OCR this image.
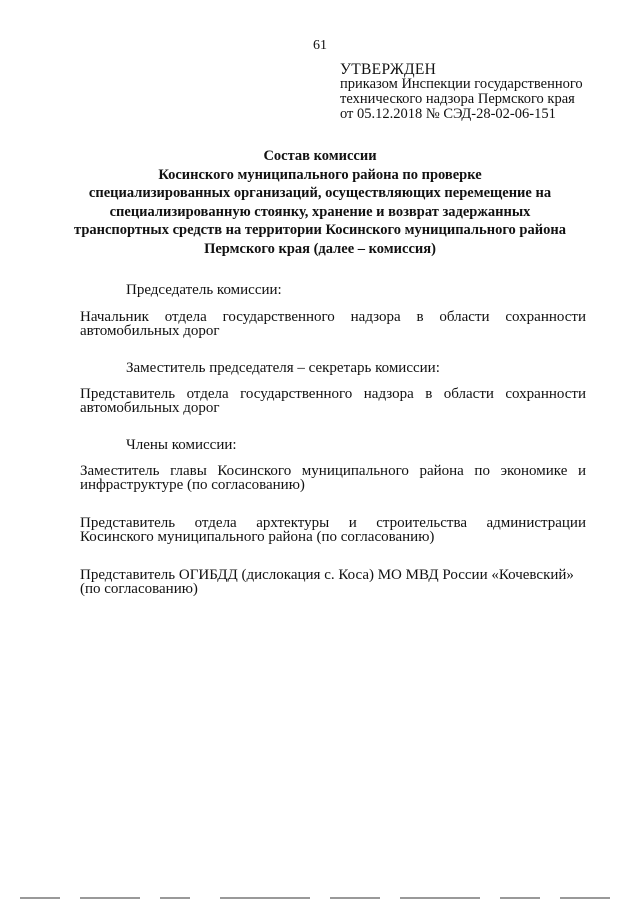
61
УТВЕРЖДЕН
приказом Инспекции государственного
технического надзора Пермского края
от 05.12.2018 № СЭД-28-02-06-151
Состав комиссии
Косинского муниципального района по проверке
специализированных организаций, осуществляющих перемещение на
специализированную стоянку, хранение и возврат задержанных
транспортных средств на территории Косинского муниципального района
Пермского края (далее – комиссия)
Председатель комиссии:
Начальник отдела государственного надзора в области сохранности
автомобильных дорог
Заместитель председателя – секретарь комиссии:
Представитель отдела государственного надзора в области сохранности
автомобильных дорог
Члены комиссии:
Заместитель главы Косинского муниципального района по экономике и
инфраструктуре (по согласованию)
Представитель отдела архтектуры и строительства администрации
Косинского муниципального района (по согласованию)
Представитель ОГИБДД (дислокация с. Коса) МО МВД России «Кочевский»
(по согласованию)
